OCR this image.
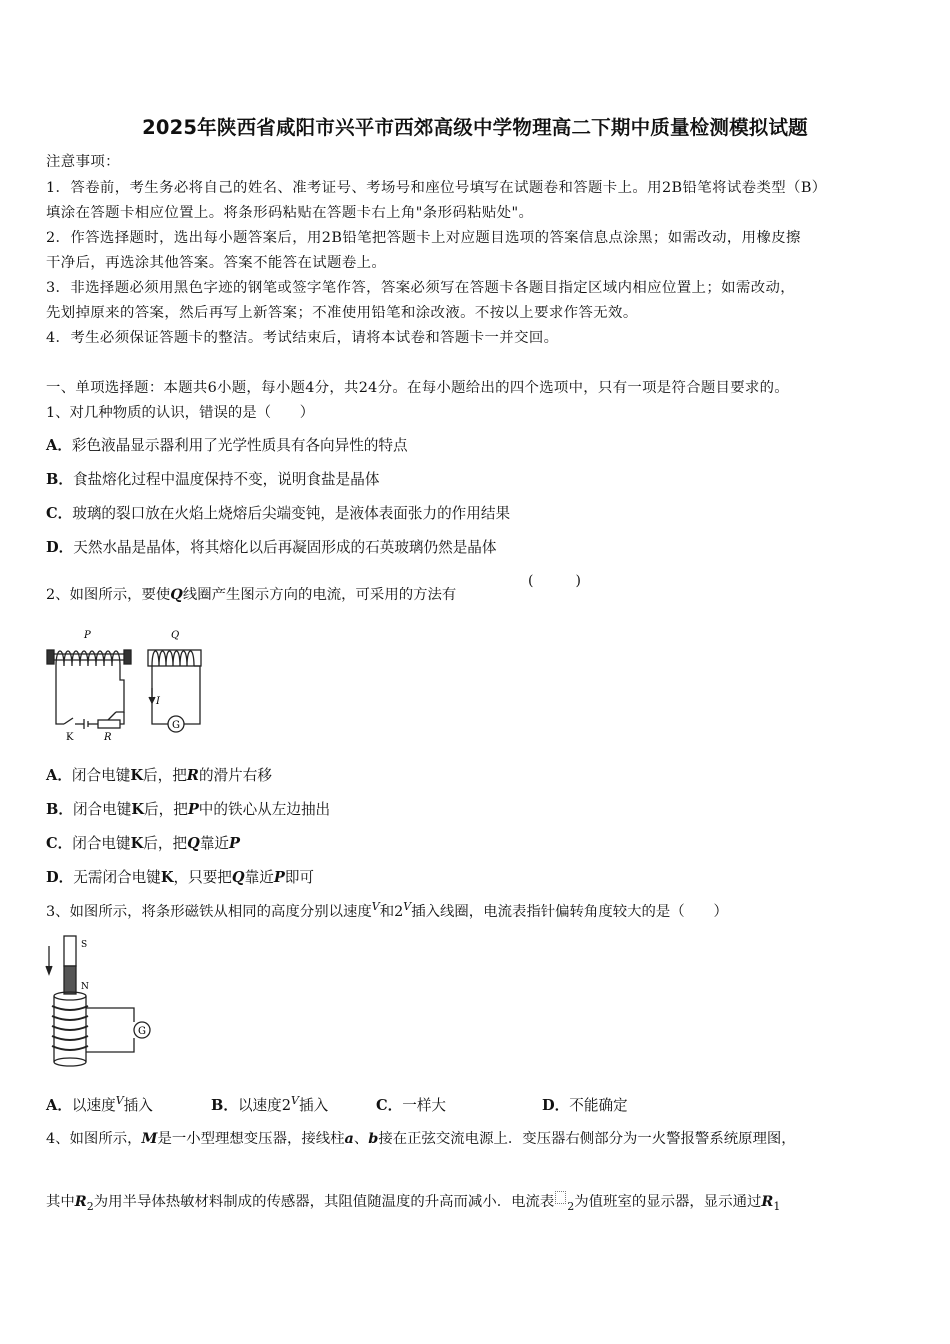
2025年陕西省咸阳市兴平市西郊高级中学物理高二下期中质量检测模拟试题
注意事项：
1．答卷前，考生务必将自己的姓名、准考证号、考场号和座位号填写在试题卷和答题卡上。用2B铅笔将试卷类型（B）
填涂在答题卡相应位置上。将条形码粘贴在答题卡右上角"条形码粘贴处"。
2．作答选择题时，选出每小题答案后，用2B铅笔把答题卡上对应题目选项的答案信息点涂黑；如需改动，用橡皮擦
干净后，再选涂其他答案。答案不能答在试题卷上。
3．非选择题必须用黑色字迹的钢笔或签字笔作答，答案必须写在答题卡各题目指定区域内相应位置上；如需改动，
先划掉原来的答案，然后再写上新答案；不准使用铅笔和涂改液。不按以上要求作答无效。
4．考生必须保证答题卡的整洁。考试结束后，请将本试卷和答题卡一并交回。
一、单项选择题：本题共6小题，每小题4分，共24分。在每小题给出的四个选项中，只有一项是符合题目要求的。
1、对几种物质的认识，错误的是（　　）
A．彩色液晶显示器利用了光学性质具有各向异性的特点
B．食盐熔化过程中温度保持不变，说明食盐是晶体
C．玻璃的裂口放在火焰上烧熔后尖端变钝，是液体表面张力的作用结果
D．天然水晶是晶体，将其熔化以后再凝固形成的石英玻璃仍然是晶体
2、如图所示，要使Q线圈产生图示方向的电流，可采用的方法有
(　　　)
P	Q
I
G
K	R
A．闭合电键K后，把R的滑片右移
B．闭合电键K后，把P中的铁心从左边抽出
C．闭合电键K后，把Q靠近P
D．无需闭合电键K，只要把Q靠近P即可
3、如图所示，将条形磁铁从相同的高度分别以速度$^V$和$2^V$插入线圈，电流表指针偏转角度较大的是（　　）
S
N
G
A．以速度$^V$插入	B．以速度$2^V$插入	C．一样大	D．不能确定
4、如图所示，M是一小型理想变压器，接线柱a、b接在正弦交流电源上．变压器右侧部分为一火警报警系统原理图，
其中$R_2$为用半导体热敏材料制成的传感器，其阻值随温度的升高而减小．电流表 $_2$为值班室的显示器，显示通过$R_1$
